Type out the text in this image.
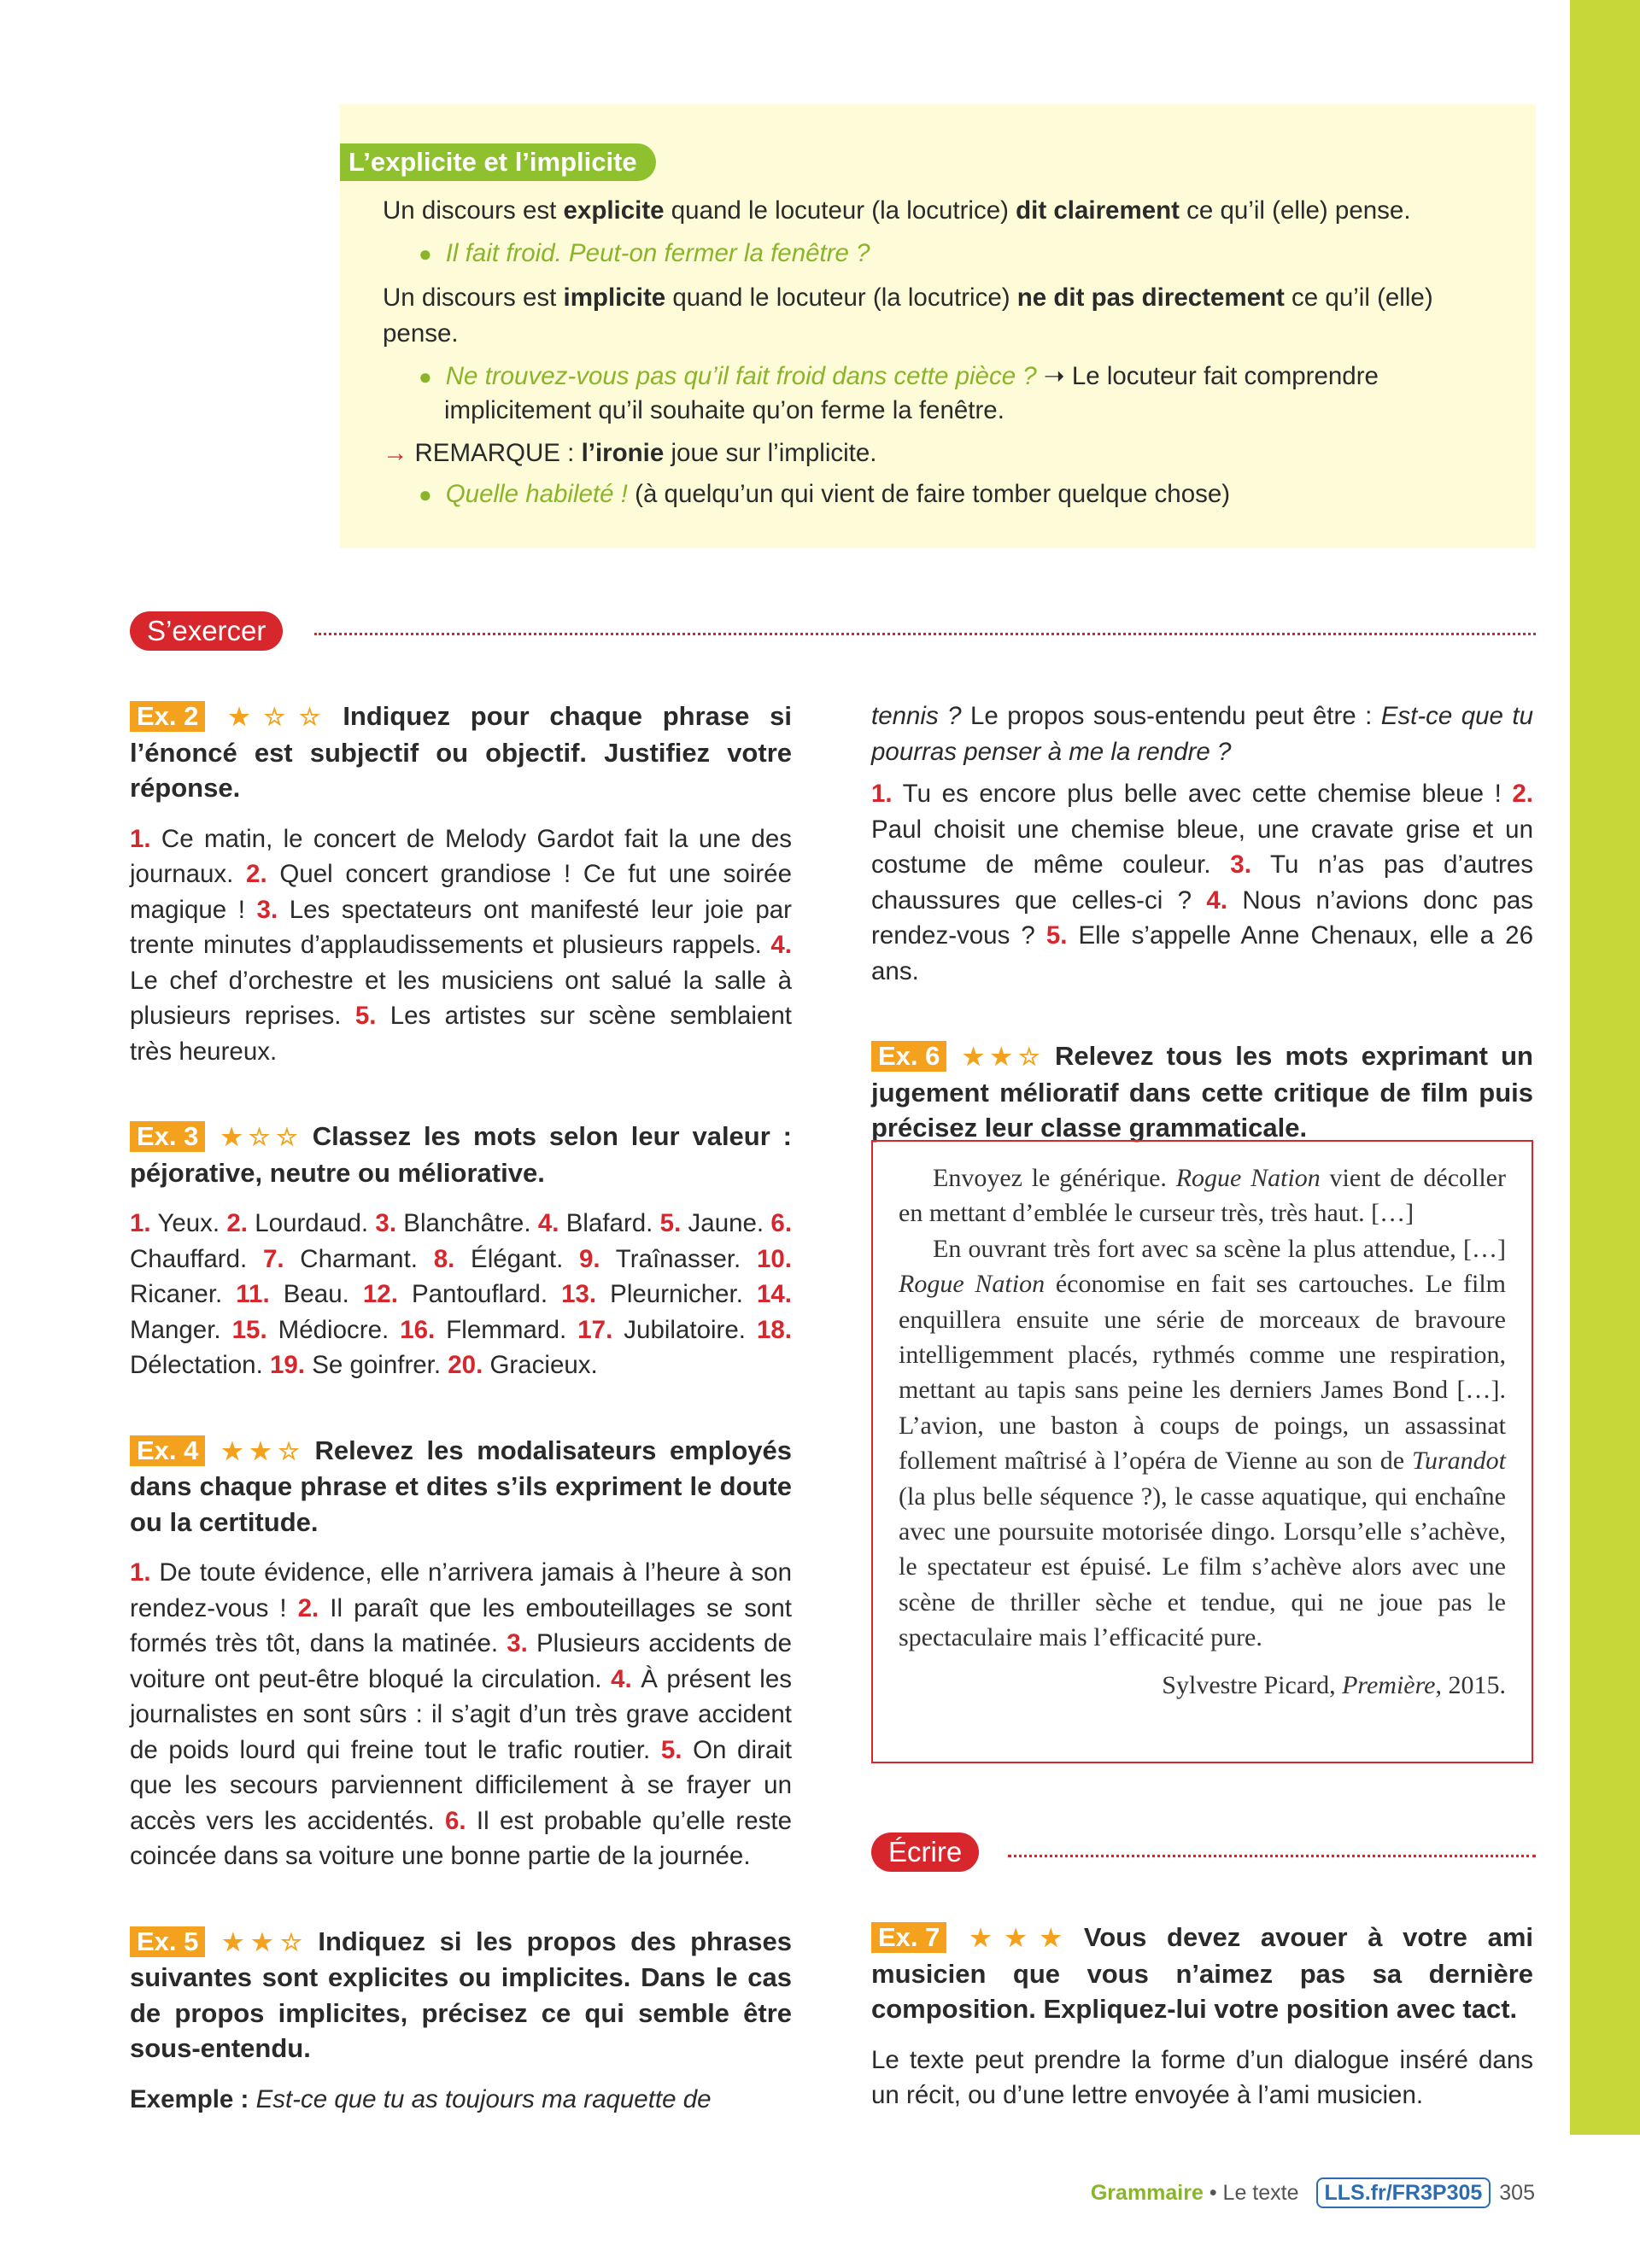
L’explicite et l’implicite

Un discours est explicite quand le locuteur (la locutrice) dit clairement ce qu’il (elle) pense.

● Il fait froid. Peut-on fermer la fenêtre ?

Un discours est implicite quand le locuteur (la locutrice) ne dit pas directement ce qu’il (elle)

pense.

● Ne trouvez-vous pas qu’il fait froid dans cette pièce ? ➝ Le locuteur fait comprendre

implicitement qu’il souhaite qu’on ferme la fenêtre.

→ REMARQUE : l’ironie joue sur l’implicite.

● Quelle habileté ! (à quelqu’un qui vient de faire tomber quelque chose)

S’exercer

Ex. 2 ★☆☆ Indiquez pour chaque phrase si l’énoncé est subjectif ou objectif. Justifiez votre réponse.

1. Ce matin, le concert de Melody Gardot fait la une des journaux. 2. Quel concert grandiose ! Ce fut une soirée magique ! 3. Les spectateurs ont manifesté leur joie par trente minutes d’applaudissements et plusieurs rappels. 4. Le chef d’orchestre et les musiciens ont salué la salle à plusieurs reprises. 5. Les artistes sur scène semblaient très heureux.

Ex. 3 ★☆☆ Classez les mots selon leur valeur : péjorative, neutre ou méliorative.

1. Yeux. 2. Lourdaud. 3. Blanchâtre. 4. Blafard. 5. Jaune. 6. Chauffard. 7. Charmant. 8. Élégant. 9. Traînasser. 10. Ricaner. 11. Beau. 12. Pantouflard. 13. Pleurnicher. 14. Manger. 15. Médiocre. 16. Flemmard. 17. Jubilatoire. 18. Délectation. 19. Se goinfrer. 20. Gracieux.

Ex. 4 ★★☆ Relevez les modalisateurs employés dans chaque phrase et dites s’ils expriment le doute ou la certitude.

1. De toute évidence, elle n’arrivera jamais à l’heure à son rendez-vous ! 2. Il paraît que les embouteillages se sont formés très tôt, dans la matinée. 3. Plusieurs accidents de voiture ont peut-être bloqué la circulation. 4. À présent les journalistes en sont sûrs : il s’agit d’un très grave accident de poids lourd qui freine tout le trafic routier. 5. On dirait que les secours parviennent difficilement à se frayer un accès vers les accidentés. 6. Il est probable qu’elle reste coincée dans sa voiture une bonne partie de la journée.

Ex. 5 ★★☆ Indiquez si les propos des phrases suivantes sont explicites ou implicites. Dans le cas de propos implicites, précisez ce qui semble être sous-entendu.

Exemple : Est-ce que tu as toujours ma raquette de

tennis ? Le propos sous-entendu peut être : Est-ce que tu pourras penser à me la rendre ?

1. Tu es encore plus belle avec cette chemise bleue ! 2. Paul choisit une chemise bleue, une cravate grise et un costume de même couleur. 3. Tu n’as pas d’autres chaussures que celles-ci ? 4. Nous n’avions donc pas rendez-vous ? 5. Elle s’appelle Anne Chenaux, elle a 26 ans.

Ex. 6 ★★☆ Relevez tous les mots exprimant un jugement mélioratif dans cette critique de film puis précisez leur classe grammaticale.

Envoyez le générique. Rogue Nation vient de décoller en mettant d’emblée le curseur très, très haut. […]

En ouvrant très fort avec sa scène la plus attendue, […] Rogue Nation économise en fait ses cartouches. Le film enquillera ensuite une série de morceaux de bravoure intelligemment placés, rythmés comme une respiration, mettant au tapis sans peine les derniers James Bond […]. L’avion, une baston à coups de poings, un assassinat follement maîtrisé à l’opéra de Vienne au son de Turandot (la plus belle séquence ?), le casse aquatique, qui enchaîne avec une poursuite motorisée dingo. Lorsqu’elle s’achève, le spectateur est épuisé. Le film s’achève alors avec une scène de thriller sèche et tendue, qui ne joue pas le spectaculaire mais l’efficacité pure.

Sylvestre Picard, Première, 2015.

Écrire

Ex. 7 ★★★ Vous devez avouer à votre ami musicien que vous n’aimez pas sa dernière composition. Expliquez-lui votre position avec tact.

Le texte peut prendre la forme d’un dialogue inséré dans un récit, ou d’une lettre envoyée à l’ami musicien.

Grammaire • Le texte LLS.fr/FR3P305 305
